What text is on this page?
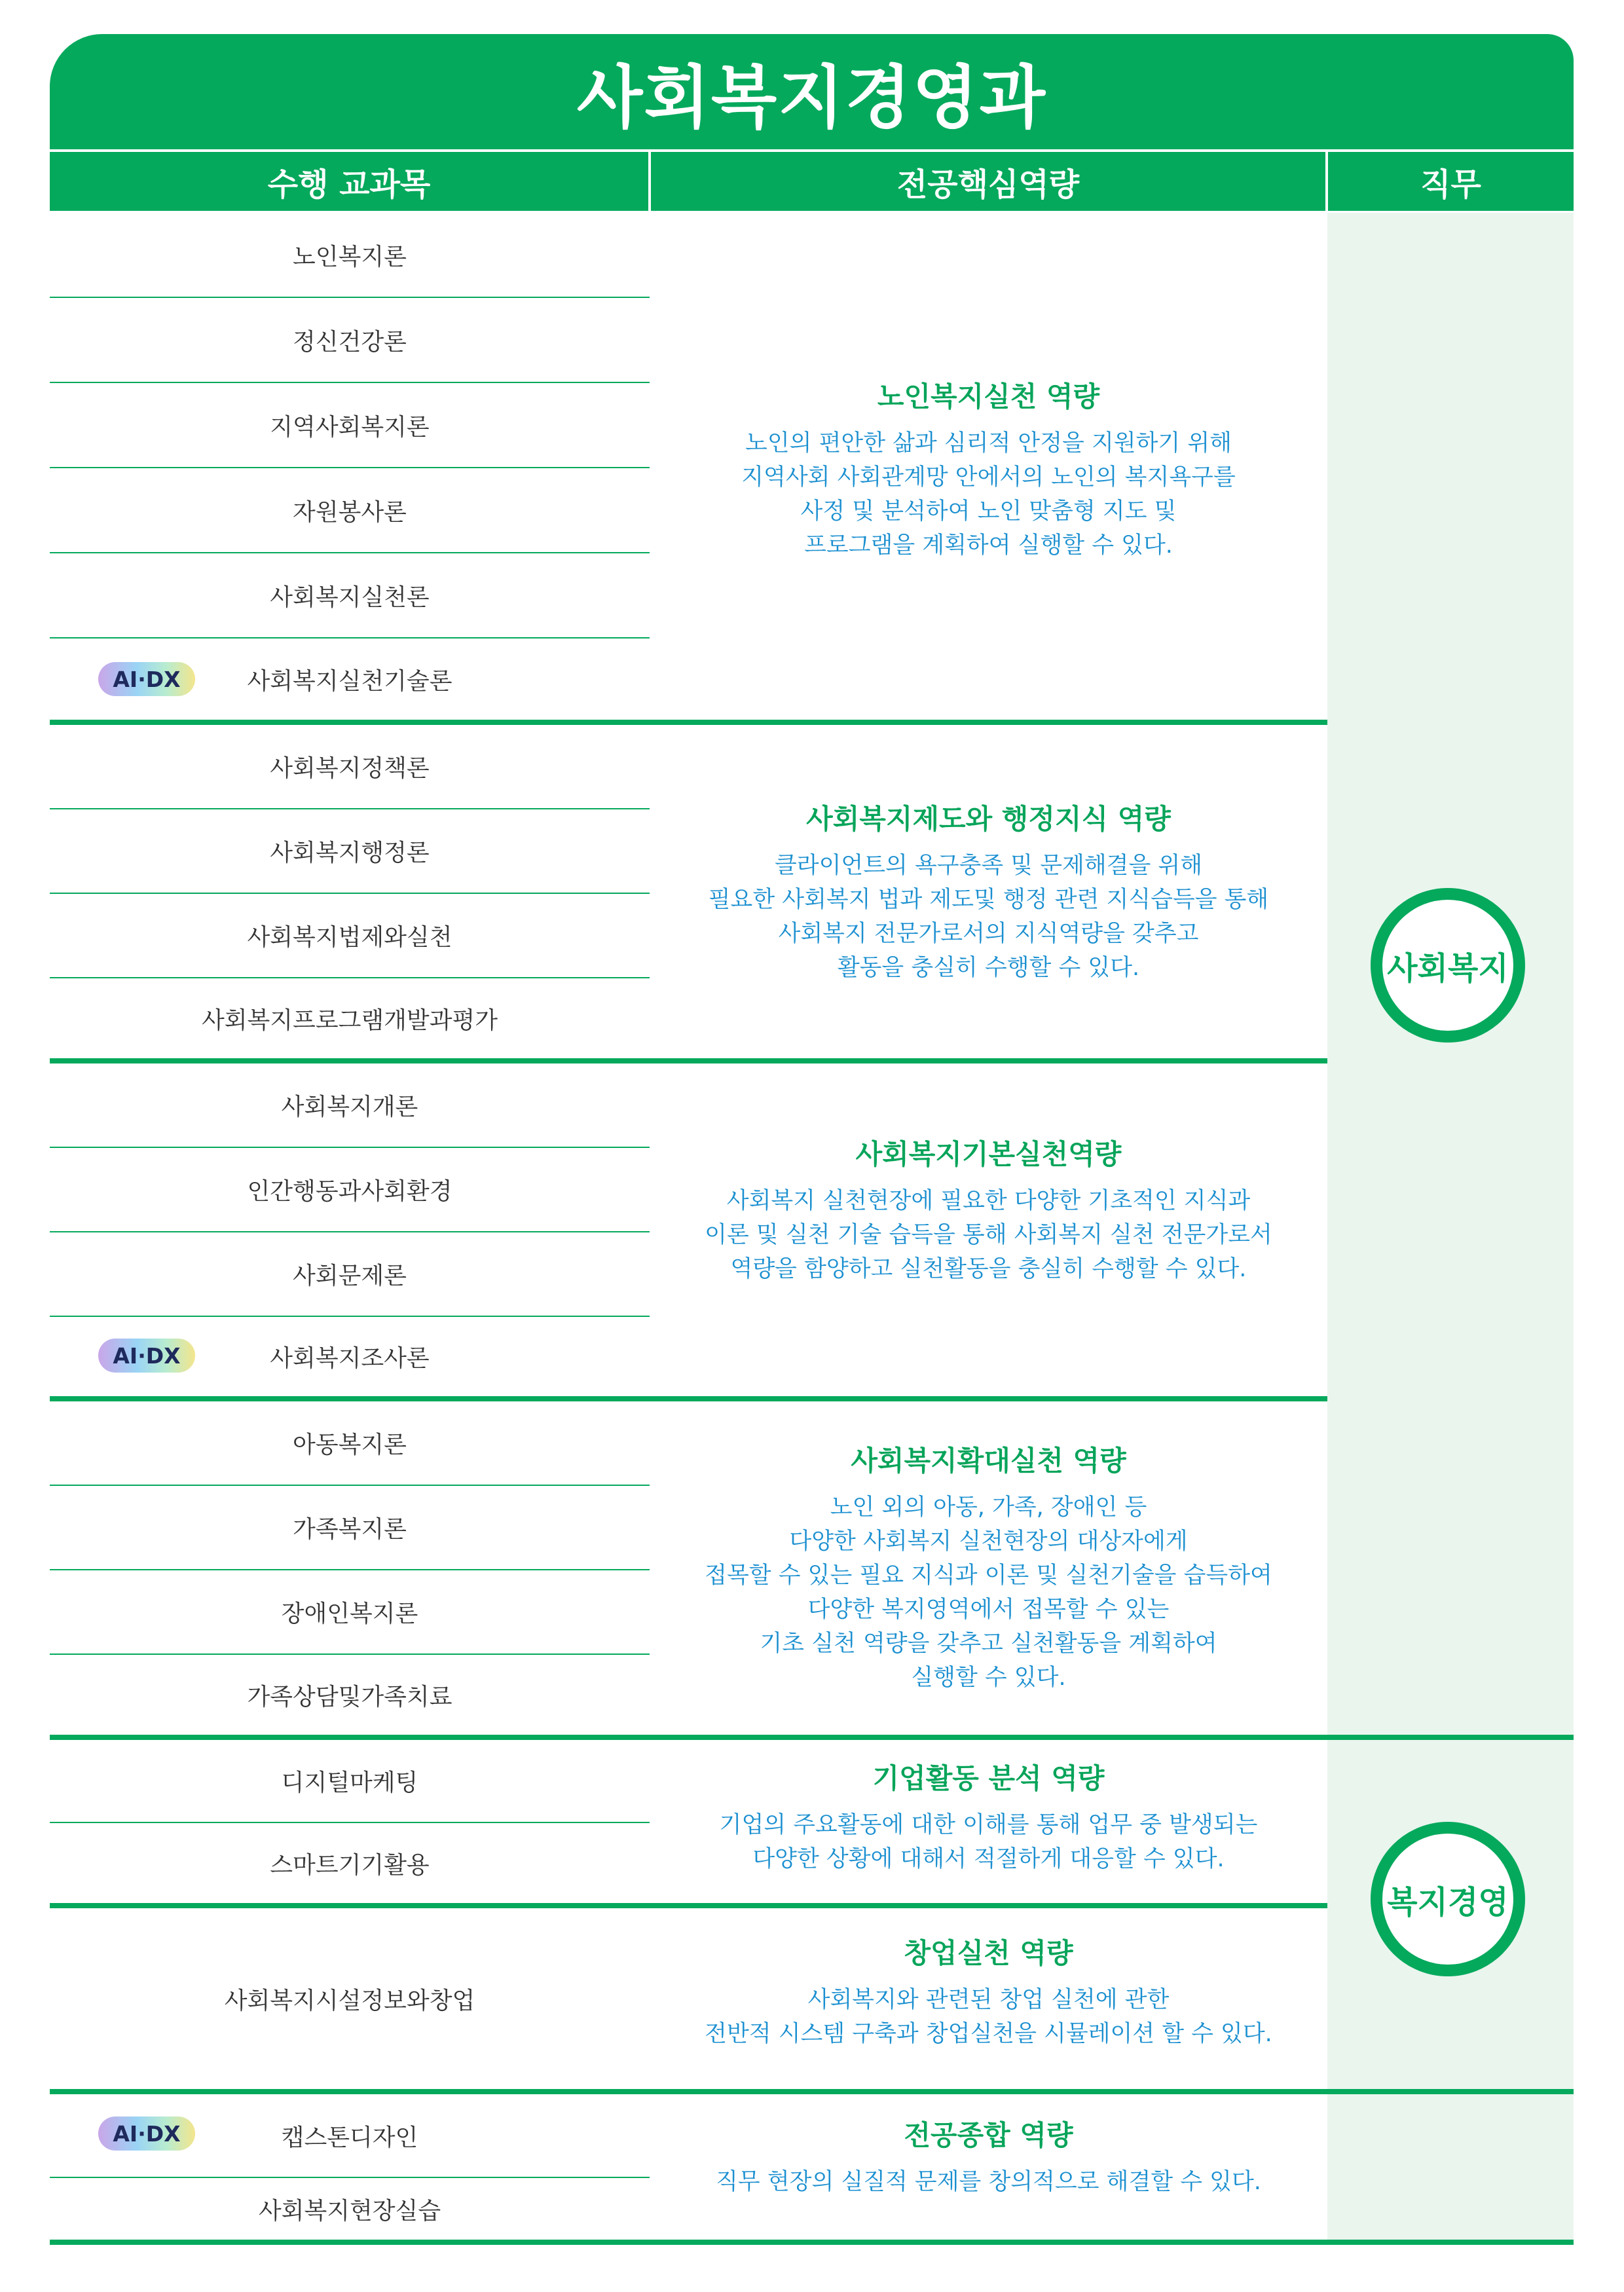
사회복지경영과
수행 교과목	전공핵심역량	직무
노인복지론
정신건강론
지역사회복지론
자원봉사론
사회복지실천론
사회복지실천기술론
AI·DX
노인복지실천 역량
노인의 편안한 삶과 심리적 안정을 지원하기 위해
지역사회 사회관계망 안에서의 노인의 복지욕구를
사정 및 분석하여 노인 맞춤형 지도 및
프로그램을 계획하여 실행할 수 있다.
사회복지정책론
사회복지행정론
사회복지법제와실천
사회복지프로그램개발과평가
사회복지제도와 행정지식 역량
클라이언트의 욕구충족 및 문제해결을 위해
필요한 사회복지 법과 제도및 행정 관련 지식습득을 통해
사회복지 전문가로서의 지식역량을 갖추고
활동을 충실히 수행할 수 있다.
사회복지개론
인간행동과사회환경
사회문제론
사회복지조사론
AI·DX
사회복지기본실천역량
사회복지 실천현장에 필요한 다양한 기초적인 지식과
이론 및 실천 기술 습득을 통해 사회복지 실천 전문가로서
역량을 함양하고 실천활동을 충실히 수행할 수 있다.
아동복지론
가족복지론
장애인복지론
가족상담및가족치료
사회복지확대실천 역량
노인 외의 아동, 가족, 장애인 등
다양한 사회복지 실천현장의 대상자에게
접목할 수 있는 필요 지식과 이론 및 실천기술을 습득하여
다양한 복지영역에서 접목할 수 있는
기초 실천 역량을 갖추고 실천활동을 계획하여
실행할 수 있다.
디지털마케팅
스마트기기활용
기업활동 분석 역량
기업의 주요활동에 대한 이해를 통해 업무 중 발생되는
다양한 상황에 대해서 적절하게 대응할 수 있다.
사회복지시설정보와창업
창업실천 역량
사회복지와 관련된 창업 실천에 관한
전반적 시스템 구축과 창업실천을 시뮬레이션 할 수 있다.
캡스톤디자인
AI·DX
사회복지현장실습
전공종합 역량
직무 현장의 실질적 문제를 창의적으로 해결할 수 있다.
사회복지
복지경영
